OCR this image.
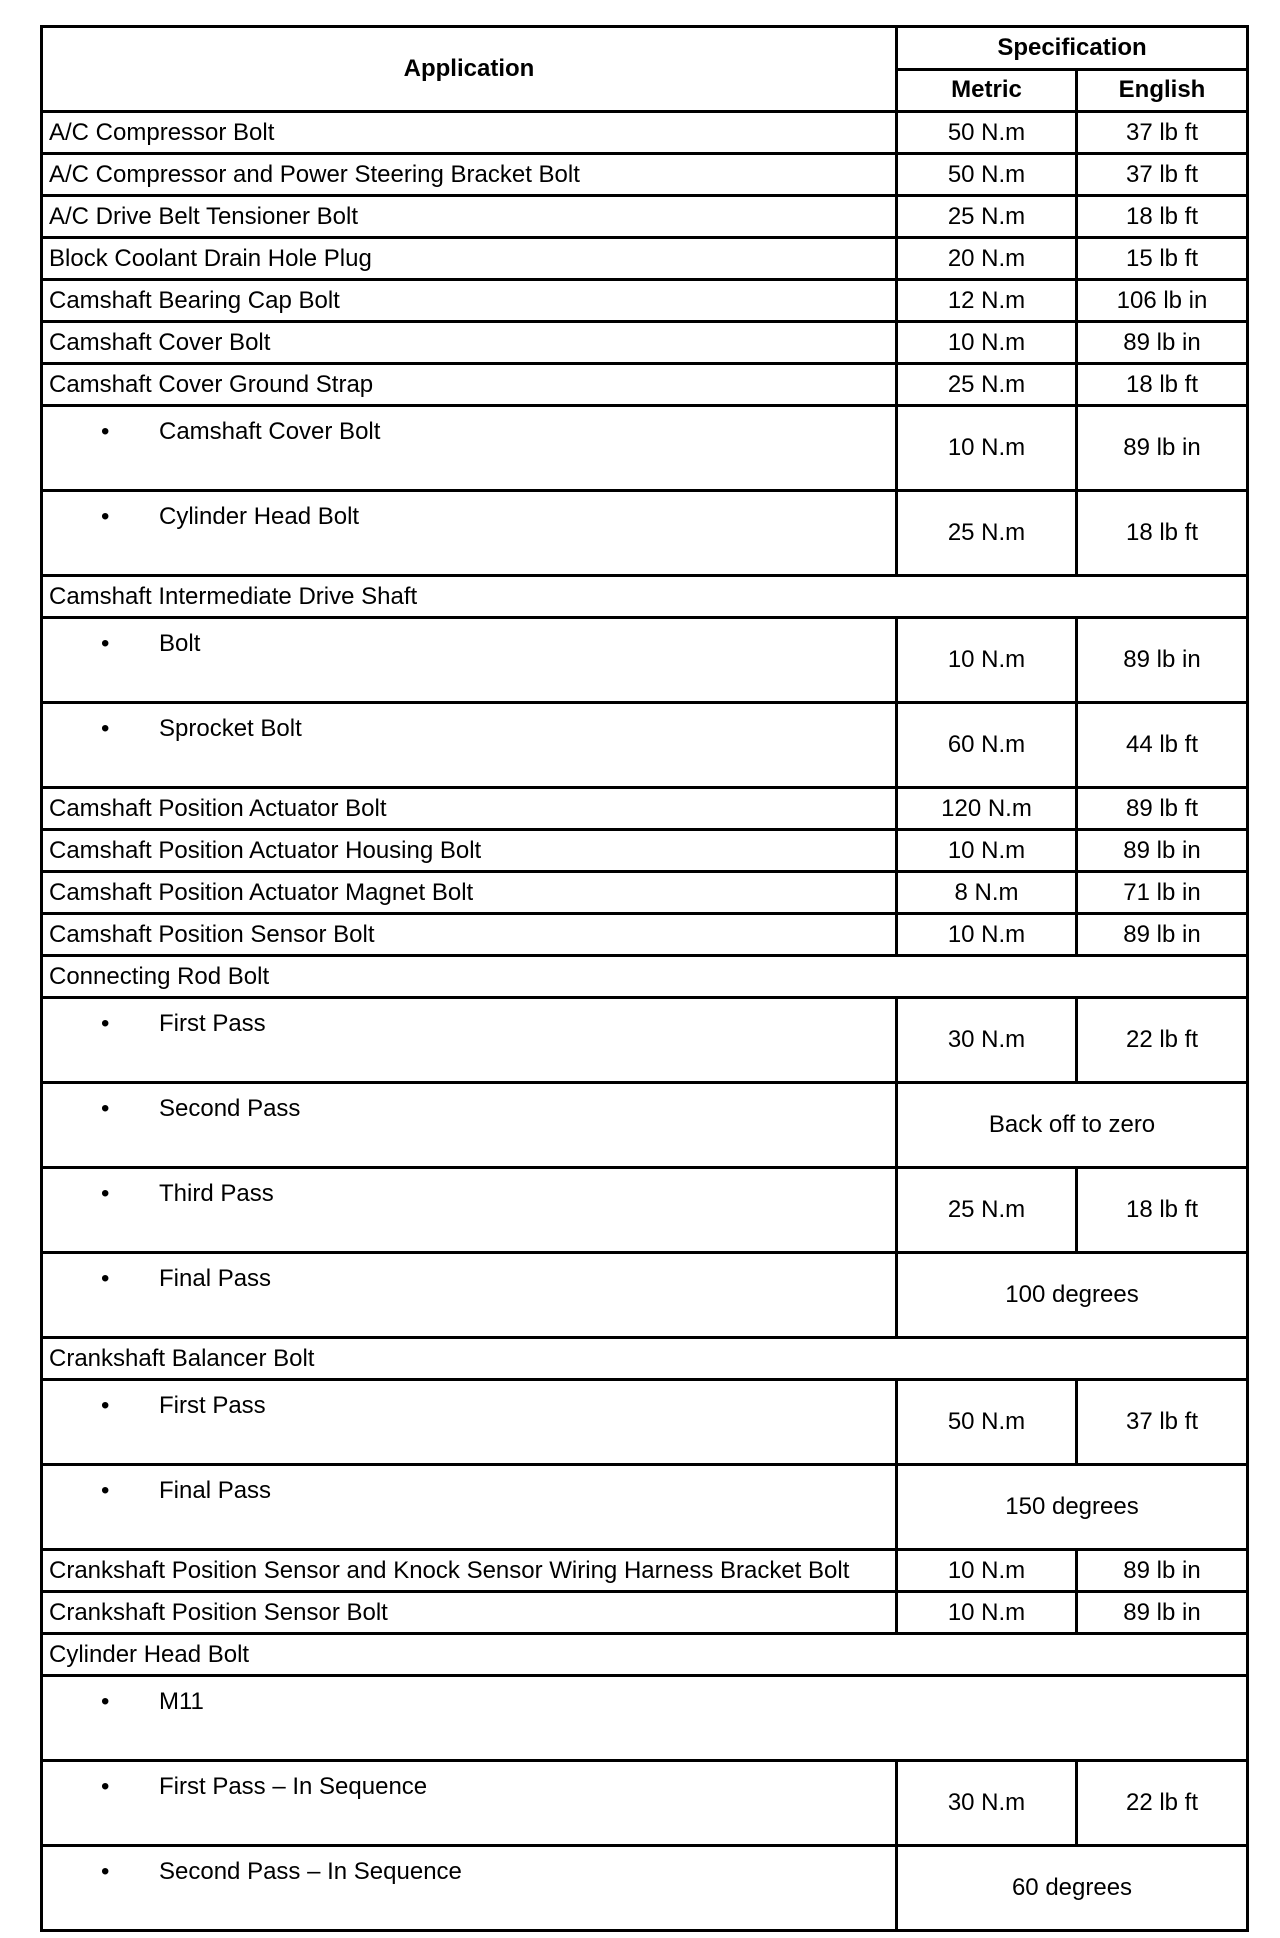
Application	Specification	
	Metric	English
A/C Compressor Bolt	50 N.m	37 lb ft
A/C Compressor and Power Steering Bracket Bolt	50 N.m	37 lb ft
A/C Drive Belt Tensioner Bolt	25 N.m	18 lb ft
Block Coolant Drain Hole Plug	20 N.m	15 lb ft
Camshaft Bearing Cap Bolt	12 N.m	106 lb in
Camshaft Cover Bolt	10 N.m	89 lb in
Camshaft Cover Ground Strap	25 N.m	18 lb ft

• Camshaft Cover Bolt	10 N.m	89 lb in

• Cylinder Head Bolt	25 N.m	18 lb ft
Camshaft Intermediate Drive Shaft		

• Bolt	10 N.m	89 lb in

• Sprocket Bolt	60 N.m	44 lb ft
Camshaft Position Actuator Bolt	120 N.m	89 lb ft
Camshaft Position Actuator Housing Bolt	10 N.m	89 lb in
Camshaft Position Actuator Magnet Bolt	8 N.m	71 lb in
Camshaft Position Sensor Bolt	10 N.m	89 lb in
Connecting Rod Bolt		

• First Pass	30 N.m	22 lb ft

• Second Pass	Back off to zero	

• Third Pass	25 N.m	18 lb ft

• Final Pass	100 degrees	
Crankshaft Balancer Bolt		

• First Pass	50 N.m	37 lb ft

• Final Pass	150 degrees	
Crankshaft Position Sensor and Knock Sensor Wiring Harness Bracket Bolt	10 N.m	89 lb in
Crankshaft Position Sensor Bolt	10 N.m	89 lb in
Cylinder Head Bolt		

• M11		

• First Pass – In Sequence	30 N.m	22 lb ft

• Second Pass – In Sequence	60 degrees	
